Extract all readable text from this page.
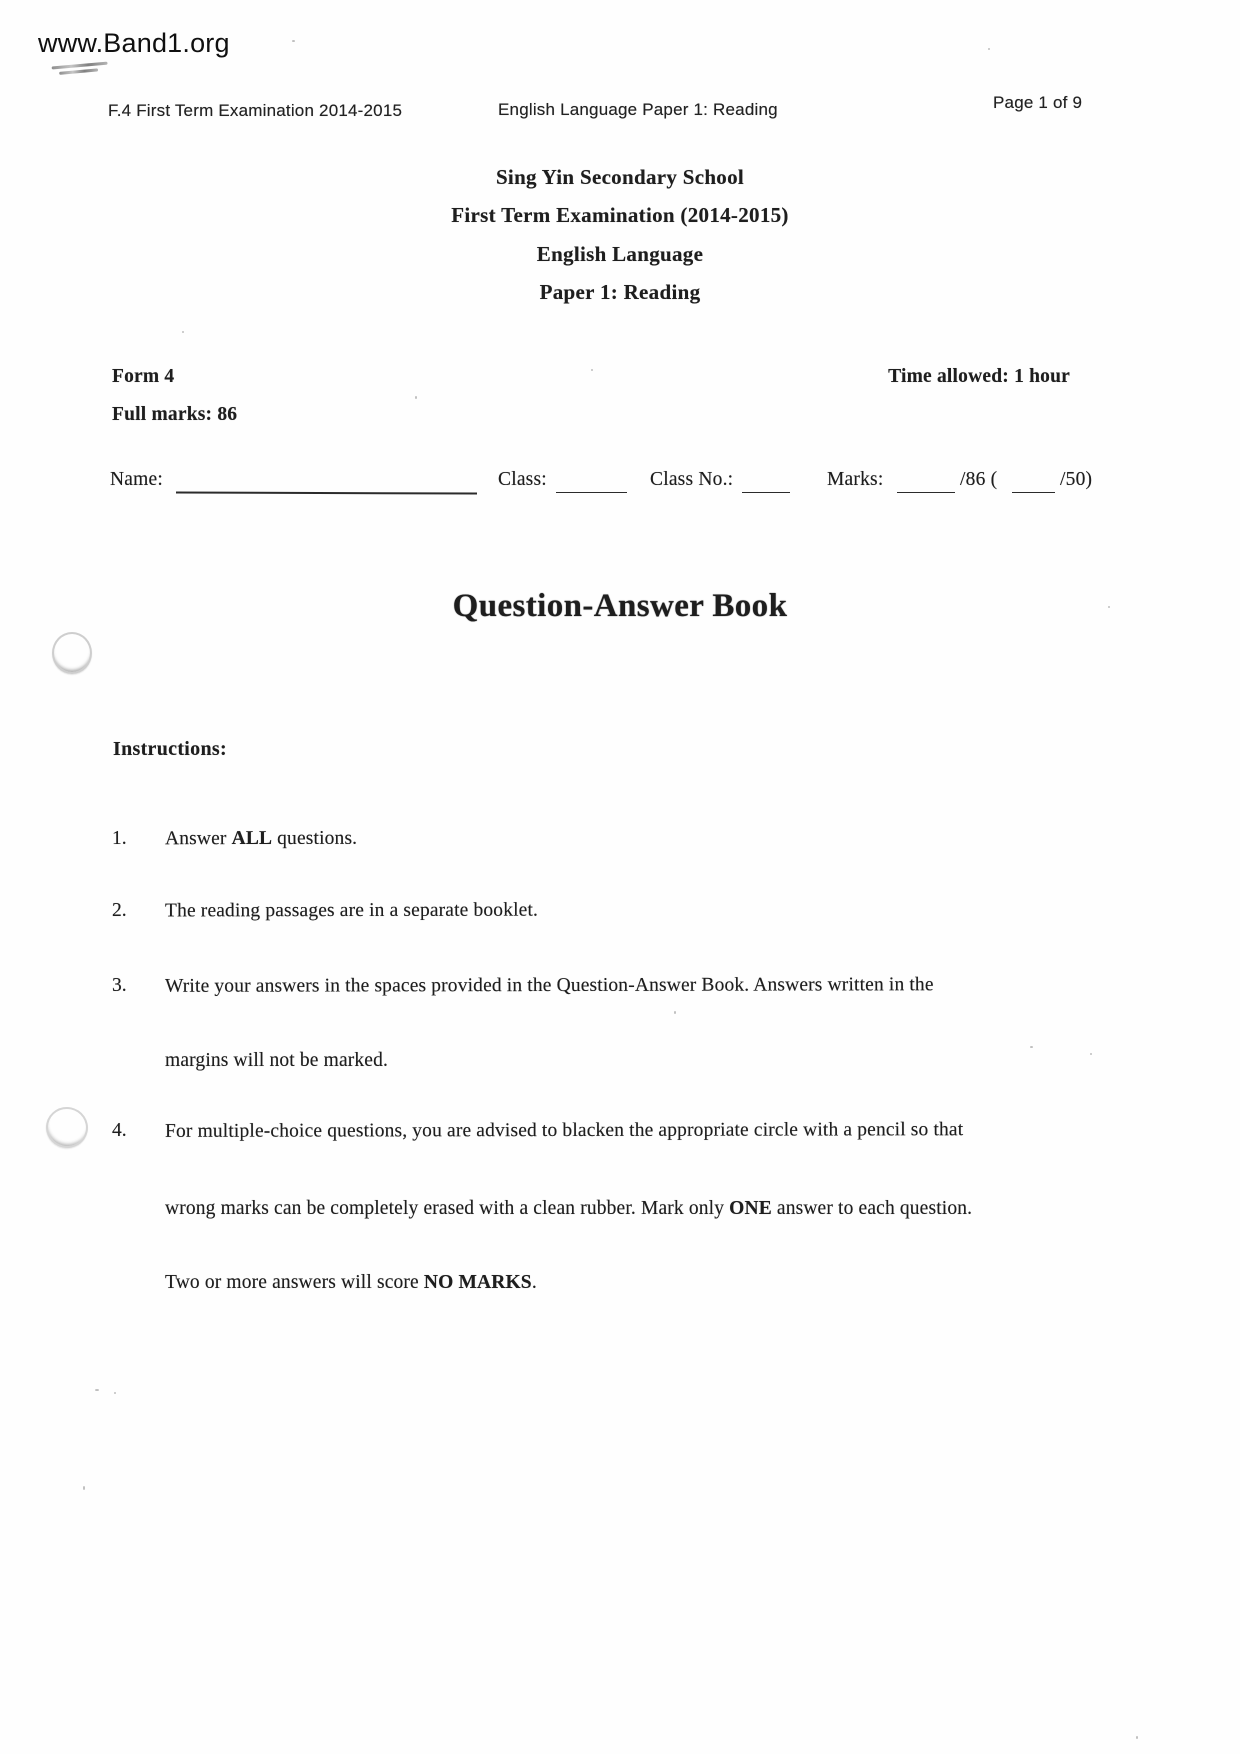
www.Band1.org
F.4 First Term Examination 2014-2015	English Language Paper 1: Reading	Page 1 of 9
Sing Yin Secondary School
First Term Examination (2014-2015)
English Language
Paper 1: Reading
Form 4	Time allowed: 1 hour
Full marks: 86
Name:	Class:	Class No.:	Marks:	/86 (	/50)
Question-Answer Book
Instructions:
1. Answer ALL questions.
2. The reading passages are in a separate booklet.
3. Write your answers in the spaces provided in the Question-Answer Book. Answers written in the
margins will not be marked.
4. For multiple-choice questions, you are advised to blacken the appropriate circle with a pencil so that
wrong marks can be completely erased with a clean rubber. Mark only ONE answer to each question.
Two or more answers will score NO MARKS.
